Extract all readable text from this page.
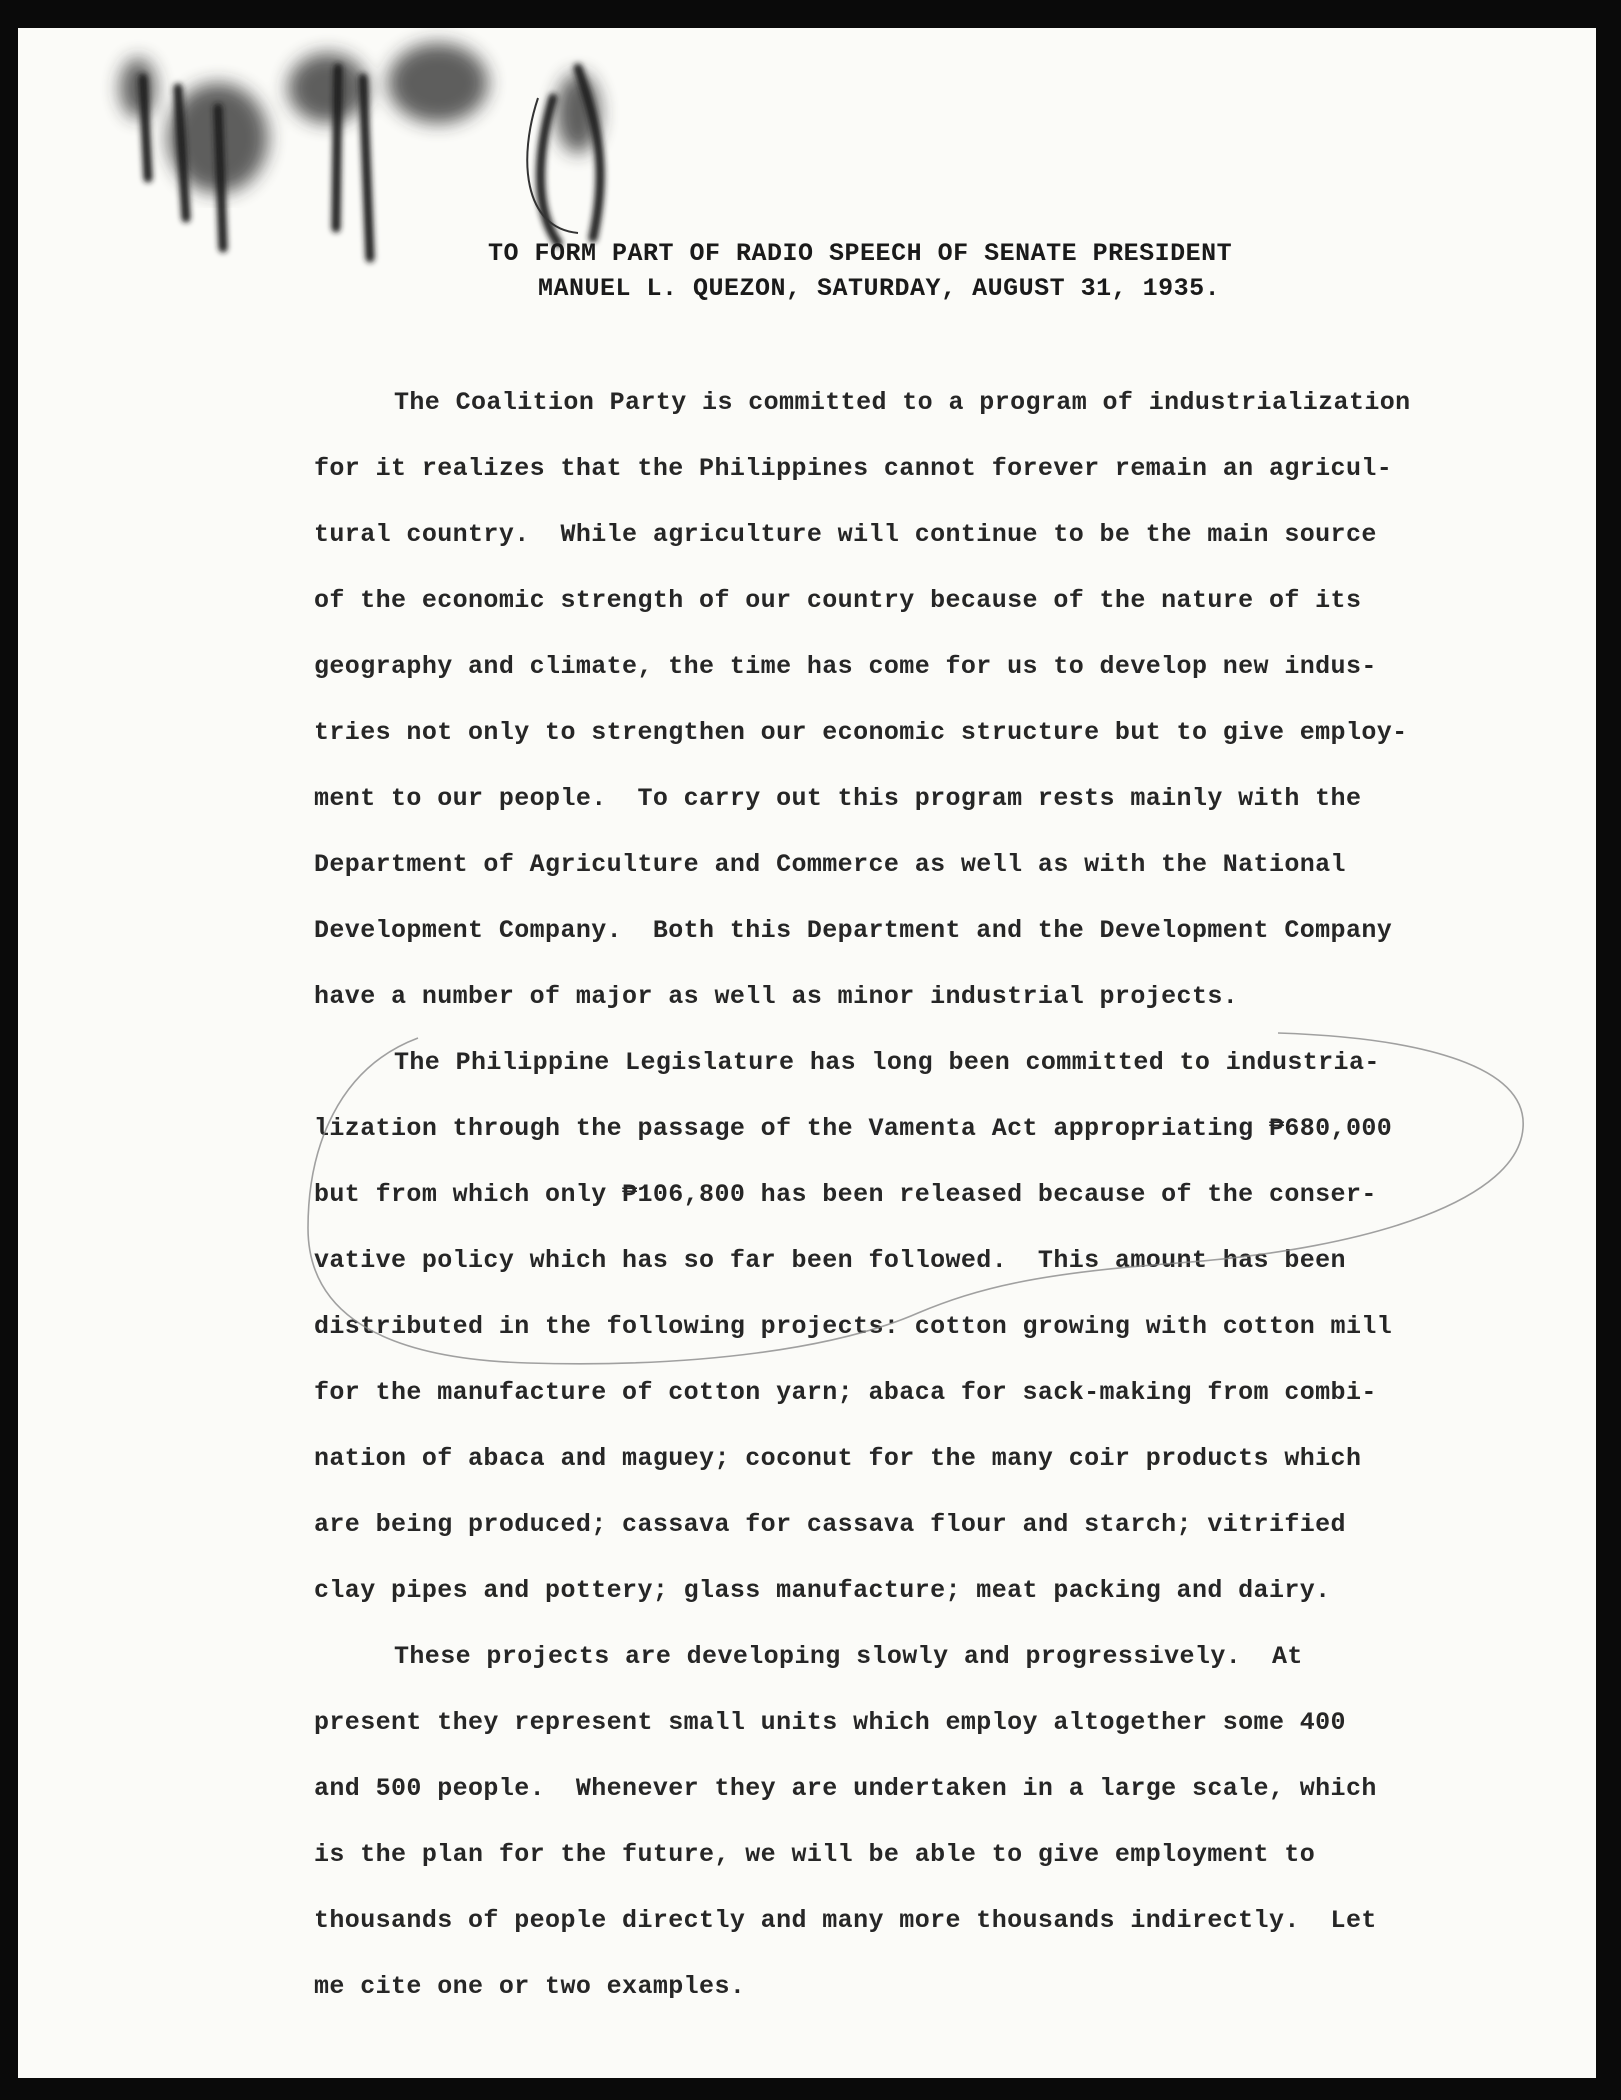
TO FORM PART OF RADIO SPEECH OF SENATE PRESIDENT
MANUEL L. QUEZON, SATURDAY, AUGUST 31, 1935.
The Coalition Party is committed to a program of industrialization
for it realizes that the Philippines cannot forever remain an agricul-
tural country.  While agriculture will continue to be the main source
of the economic strength of our country because of the nature of its
geography and climate, the time has come for us to develop new indus-
tries not only to strengthen our economic structure but to give employ-
ment to our people.  To carry out this program rests mainly with the
Department of Agriculture and Commerce as well as with the National
Development Company.  Both this Department and the Development Company
have a number of major as well as minor industrial projects.
The Philippine Legislature has long been committed to industria-
lization through the passage of the Vamenta Act appropriating ₱680,000
but from which only ₱106,800 has been released because of the conser-
vative policy which has so far been followed.  This amount has been
distributed in the following projects: cotton growing with cotton mill
for the manufacture of cotton yarn; abaca for sack-making from combi-
nation of abaca and maguey; coconut for the many coir products which
are being produced; cassava for cassava flour and starch; vitrified
clay pipes and pottery; glass manufacture; meat packing and dairy.
These projects are developing slowly and progressively.  At
present they represent small units which employ altogether some 400
and 500 people.  Whenever they are undertaken in a large scale, which
is the plan for the future, we will be able to give employment to
thousands of people directly and many more thousands indirectly.  Let
me cite one or two examples.
